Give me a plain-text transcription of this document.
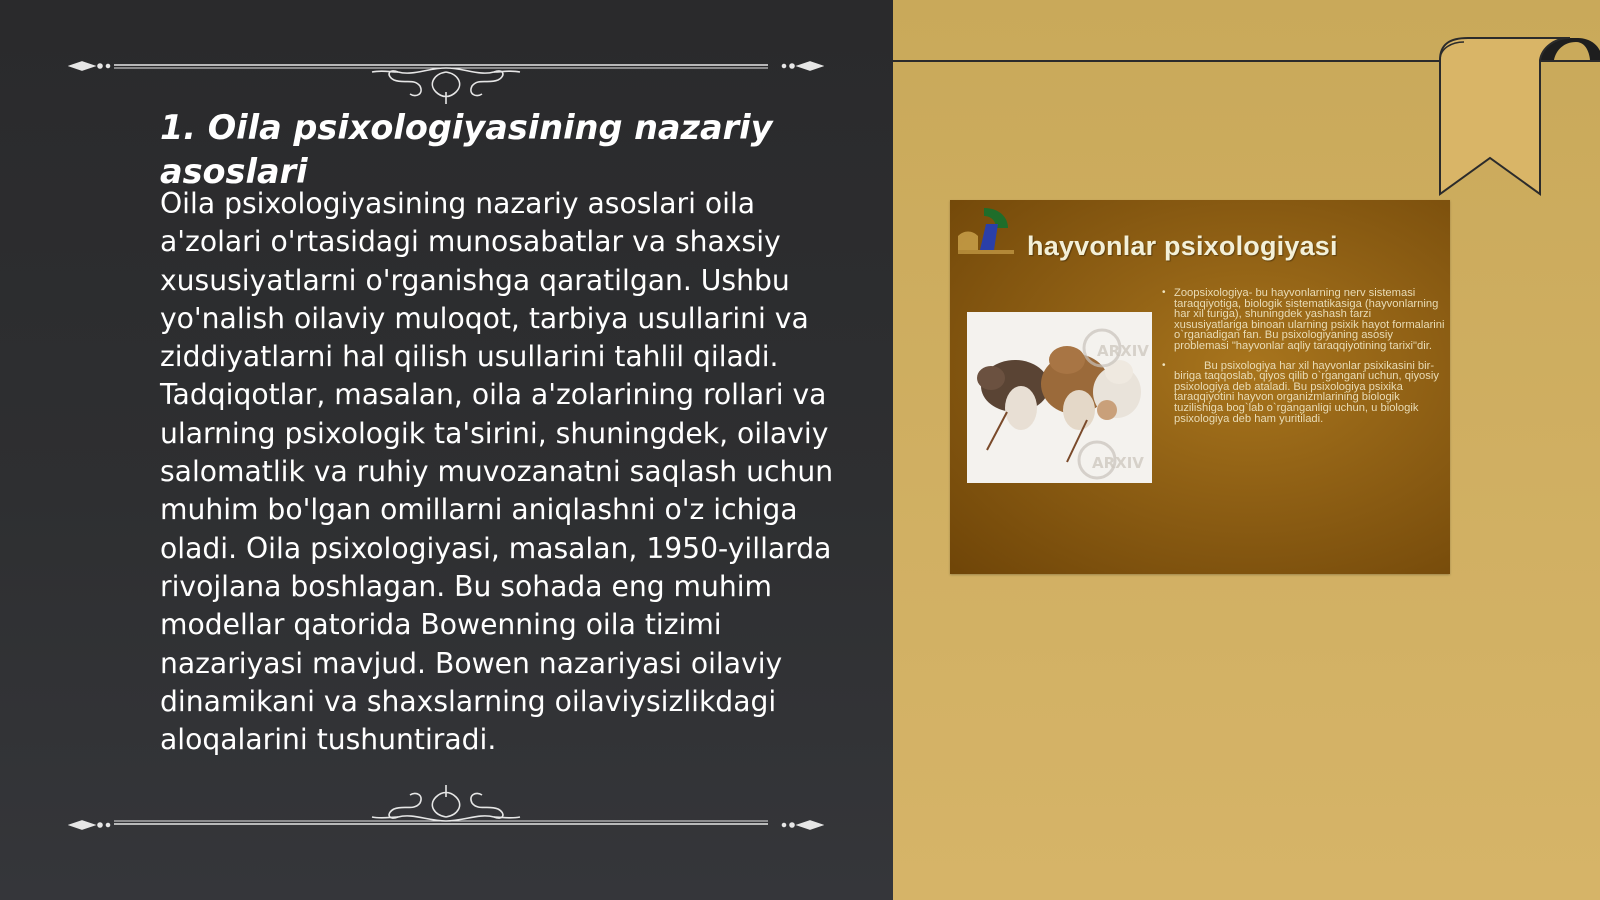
1. Oila psixologiyasining nazariy asoslari

Oila psixologiyasining nazariy asoslari oila a'zolari o'rtasidagi munosabatlar va shaxsiy xususiyatlarni o'rganishga qaratilgan. Ushbu yo'nalish oilaviy muloqot, tarbiya usullarini va ziddiyatlarni hal qilish usullarini tahlil qiladi. Tadqiqotlar, masalan, oila a'zolarining rollari va ularning psixologik ta'sirini, shuningdek, oilaviy salomatlik va ruhiy muvozanatni saqlash uchun muhim bo'lgan omillarni aniqlashni o'z ichiga oladi. Oila psixologiyasi, masalan, 1950-yillarda rivojlana boshlagan. Bu sohada eng muhim modellar qatorida Bowenning oila tizimi nazariyasi mavjud. Bowen nazariyasi oilaviy dinamikani va shaxslarning oilaviysizlikdagi aloqalarini tushuntiradi.

hayvonlar psixologiyasi
ARXIV
ARXIV
• Zoopsixologiya- bu hayvonlarning nerv sistemasi taraqqiyotiga, biologik sistematikasiga (hayvonlarning har xil turiga), shuningdek yashash tarzi xususiyatlariga binoan ularning psixik hayot formalarini o`rganadigan fan. Bu psixologiyaning asosiy problemasi "hayvonlar aqliy taraqqiyotining tarixi"dir.
•	Bu psixologiya har xil hayvonlar psixikasini bir-biriga taqqoslab, qiyos qilib o`rgangani uchun, qiyosiy psixologiya deb ataladi. Bu psixologiya psixika taraqqiyotini hayvon organizmlarining biologik tuzilishiga bog`lab o`rganganligi uchun, u biologik psixologiya deb ham yuritiladi.
